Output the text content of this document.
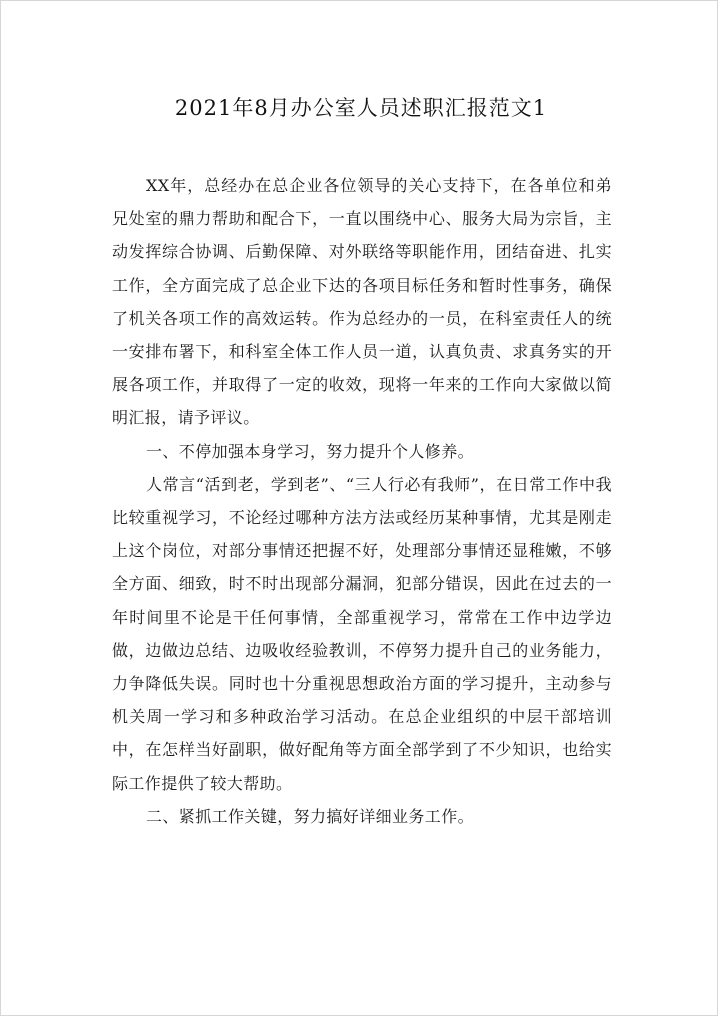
2021年8月办公室人员述职汇报范文1

XX年，总经办在总企业各位领导的关心支持下，在各单位和弟兄处室的鼎力帮助和配合下，一直以围绕中心、服务大局为宗旨，主动发挥综合协调、后勤保障、对外联络等职能作用，团结奋进、扎实工作，全方面完成了总企业下达的各项目标任务和暂时性事务，确保了机关各项工作的高效运转。作为总经办的一员，在科室责任人的统一安排布署下，和科室全体工作人员一道，认真负责、求真务实的开展各项工作，并取得了一定的收效，现将一年来的工作向大家做以简明汇报，请予评议。

一、不停加强本身学习，努力提升个人修养。

人常言“活到老，学到老”、“三人行必有我师”，在日常工作中我比较重视学习，不论经过哪种方法方法或经历某种事情，尤其是刚走上这个岗位，对部分事情还把握不好，处理部分事情还显稚嫩，不够全方面、细致，时不时出现部分漏洞，犯部分错误，因此在过去的一年时间里不论是干任何事情，全部重视学习，常常在工作中边学边做，边做边总结、边吸收经验教训，不停努力提升自己的业务能力，力争降低失误。同时也十分重视思想政治方面的学习提升，主动参与机关周一学习和多种政治学习活动。在总企业组织的中层干部培训中，在怎样当好副职，做好配角等方面全部学到了不少知识，也给实际工作提供了较大帮助。

二、紧抓工作关键，努力搞好详细业务工作。
